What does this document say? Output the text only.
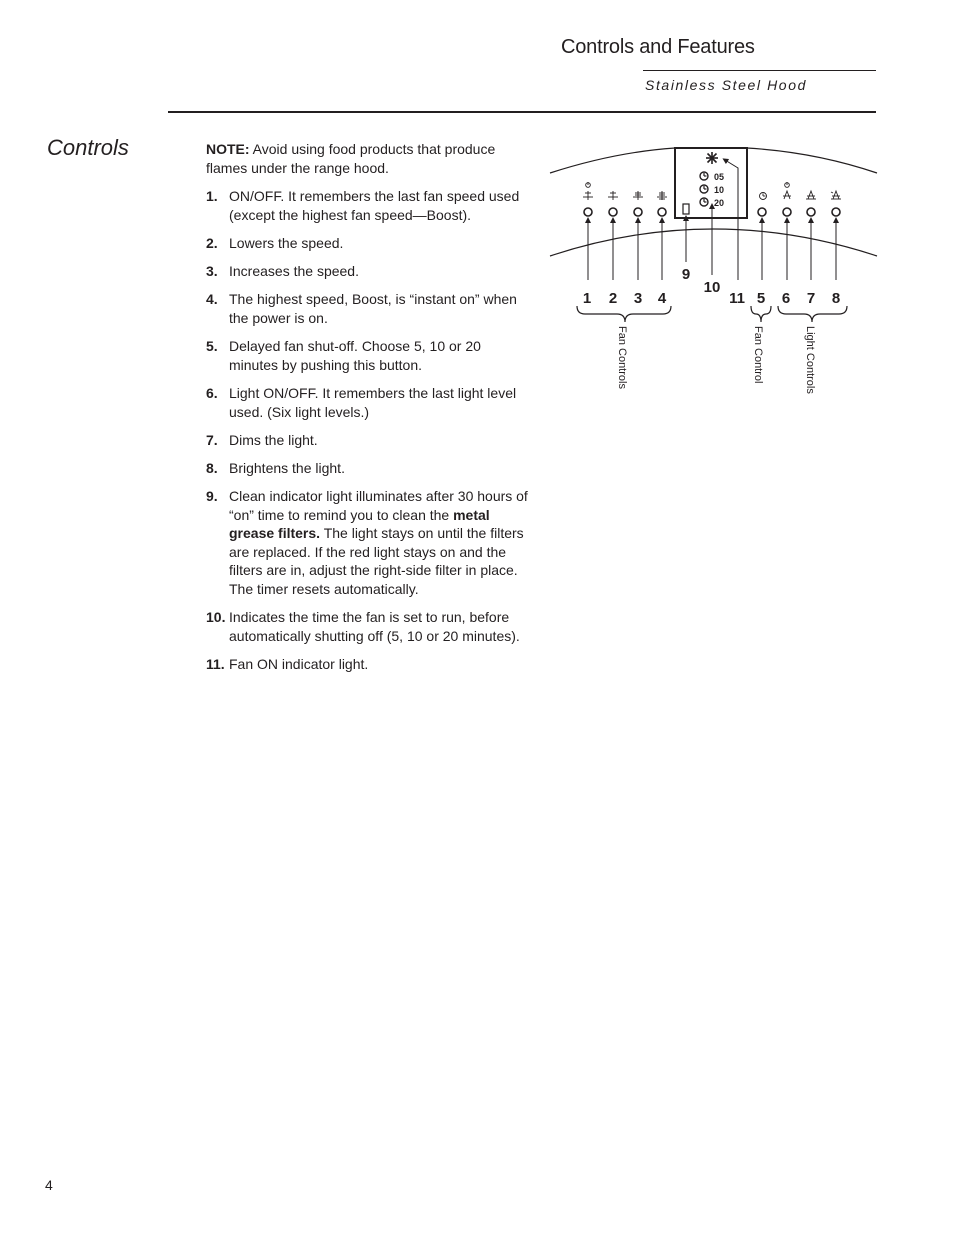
Controls and Features
Stainless Steel Hood
Controls	NOTE: Avoid using food products that produce flames under the range hood.

1. ON/OFF. It remembers the last fan speed used (except the highest fan speed—Boost).
2. Lowers the speed.
3. Increases the speed.
4. The highest speed, Boost, is “instant on” when the power is on.
5. Delayed fan shut-off. Choose 5, 10 or 20 minutes by pushing this button.
6. Light ON/OFF. It remembers the last light level used. (Six light levels.)
7. Dims the light.
8. Brightens the light.
9. Clean indicator light illuminates after 30 hours of “on” time to remind you to clean the metal grease filters. The light stays on until the filters are replaced. If the red light stays on and the filters are in, adjust the right-side filter in place. The timer resets automatically.
10. Indicates the time the fan is set to run, before automatically shutting off (5, 10 or 20 minutes).
11. Fan ON indicator light.
05
10
20
1 2 3 4
9
10
11 5 6 7 8
Fan Controls	Fan Control	Light Controls
4
